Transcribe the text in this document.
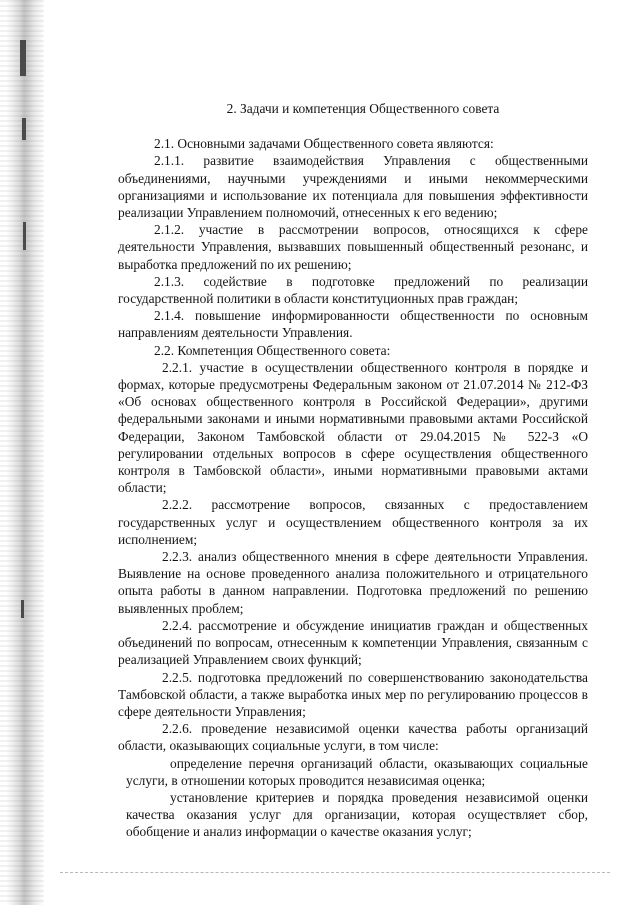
2. Задачи и компетенция Общественного совета

2.1. Основными задачами Общественного совета являются:

2.1.1. развитие взаимодействия Управления с общественными объединениями, научными учреждениями и иными некоммерческими организациями и использование их потенциала для повышения эффективности реализации Управлением полномочий, отнесенных к его ведению;

2.1.2. участие в рассмотрении вопросов, относящихся к сфере деятельности Управления, вызвавших повышенный общественный резонанс, и выработка предложений по их решению;

2.1.3. содействие в подготовке предложений по реализации государственной политики в области конституционных прав граждан;

2.1.4. повышение информированности общественности по основным направлениям деятельности Управления.

2.2. Компетенция Общественного совета:

2.2.1. участие в осуществлении общественного контроля в порядке и формах, которые предусмотрены Федеральным законом от 21.07.2014 № 212-ФЗ «Об основах общественного контроля в Российской Федерации», другими федеральными законами и иными нормативными правовыми актами Российской Федерации, Законом Тамбовской области от 29.04.2015 № 522-З «О регулировании отдельных вопросов в сфере осуществления общественного контроля в Тамбовской области», иными нормативными правовыми актами области;

2.2.2. рассмотрение вопросов, связанных с предоставлением государственных услуг и осуществлением общественного контроля за их исполнением;

2.2.3. анализ общественного мнения в сфере деятельности Управления. Выявление на основе проведенного анализа положительного и отрицательного опыта работы в данном направлении. Подготовка предложений по решению выявленных проблем;

2.2.4. рассмотрение и обсуждение инициатив граждан и общественных объединений по вопросам, отнесенным к компетенции Управления, связанным с реализацией Управлением своих функций;

2.2.5. подготовка предложений по совершенствованию законодательства Тамбовской области, а также выработка иных мер по регулированию процессов в сфере деятельности Управления;

2.2.6. проведение независимой оценки качества работы организаций области, оказывающих социальные услуги, в том числе:

определение перечня организаций области, оказывающих социальные услуги, в отношении которых проводится независимая оценка;

установление критериев и порядка проведения независимой оценки качества оказания услуг для организации, которая осуществляет сбор, обобщение и анализ информации о качестве оказания услуг;
